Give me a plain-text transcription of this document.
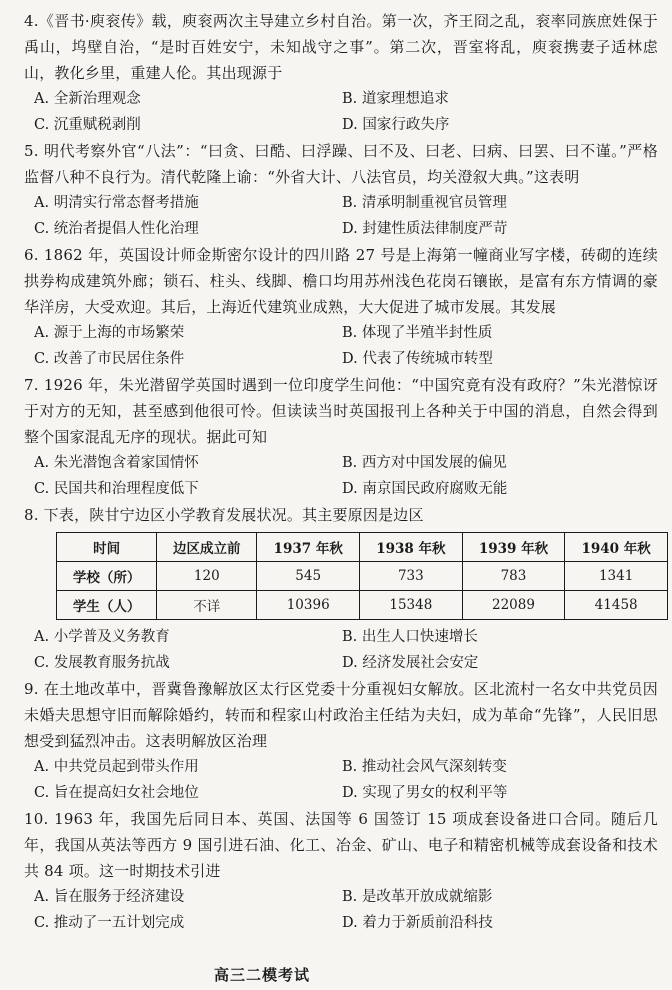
4.《晋书·庾衮传》载，庾衮两次主导建立乡村自治。第一次，齐王冏之乱，衮率同族庶姓保于禹山，坞壁自治，“是时百姓安宁，未知战守之事”。第二次，晋室将乱，庾衮携妻子适林虑山，教化乡里，重建人伦。其出现源于

A. 全新治理观念	B. 道家理想追求
C. 沉重赋税剥削	D. 国家行政失序

5. 明代考察外官“八法”：“曰贪、曰酷、曰浮躁、曰不及、曰老、曰病、曰罢、曰不谨。”严格监督八种不良行为。清代乾隆上谕：“外省大计、八法官员，均关澄叙大典。”这表明

A. 明清实行常态督考措施	B. 清承明制重视官员管理
C. 统治者提倡人性化治理	D. 封建性质法律制度严苛

6. 1862 年，英国设计师金斯密尔设计的四川路 27 号是上海第一幢商业写字楼，砖砌的连续拱券构成建筑外廊；锁石、柱头、线脚、檐口均用苏州浅色花岗石镶嵌，是富有东方情调的豪华洋房，大受欢迎。其后，上海近代建筑业成熟，大大促进了城市发展。其发展

A. 源于上海的市场繁荣	B. 体现了半殖半封性质
C. 改善了市民居住条件	D. 代表了传统城市转型

7. 1926 年，朱光潜留学英国时遇到一位印度学生问他：“中国究竟有没有政府？”朱光潜惊讶于对方的无知，甚至感到他很可怜。但读读当时英国报刊上各种关于中国的消息，自然会得到整个国家混乱无序的现状。据此可知

A. 朱光潜饱含着家国情怀	B. 西方对中国发展的偏见
C. 民国共和治理程度低下	D. 南京国民政府腐败无能

8. 下表，陕甘宁边区小学教育发展状况。其主要原因是边区

时间	边区成立前	1937 年秋	1938 年秋	1939 年秋	1940 年秋
学校（所）	120	545	733	783	1341
学生（人）	不详	10396	15348	22089	41458
A. 小学普及义务教育	B. 出生人口快速增长
C. 发展教育服务抗战	D. 经济发展社会安定

9. 在土地改革中，晋冀鲁豫解放区太行区党委十分重视妇女解放。区北流村一名女中共党员因未婚夫思想守旧而解除婚约，转而和程家山村政治主任结为夫妇，成为革命“先锋”，人民旧思想受到猛烈冲击。这表明解放区治理

A. 中共党员起到带头作用	B. 推动社会风气深刻转变
C. 旨在提高妇女社会地位	D. 实现了男女的权利平等

10. 1963 年，我国先后同日本、英国、法国等 6 国签订 15 项成套设备进口合同。随后几年，我国从英法等西方 9 国引进石油、化工、冶金、矿山、电子和精密机械等成套设备和技术共 84 项。这一时期技术引进

A. 旨在服务于经济建设	B. 是改革开放成就缩影
C. 推动了一五计划完成	D. 着力于新质前沿科技
高三二模考试
